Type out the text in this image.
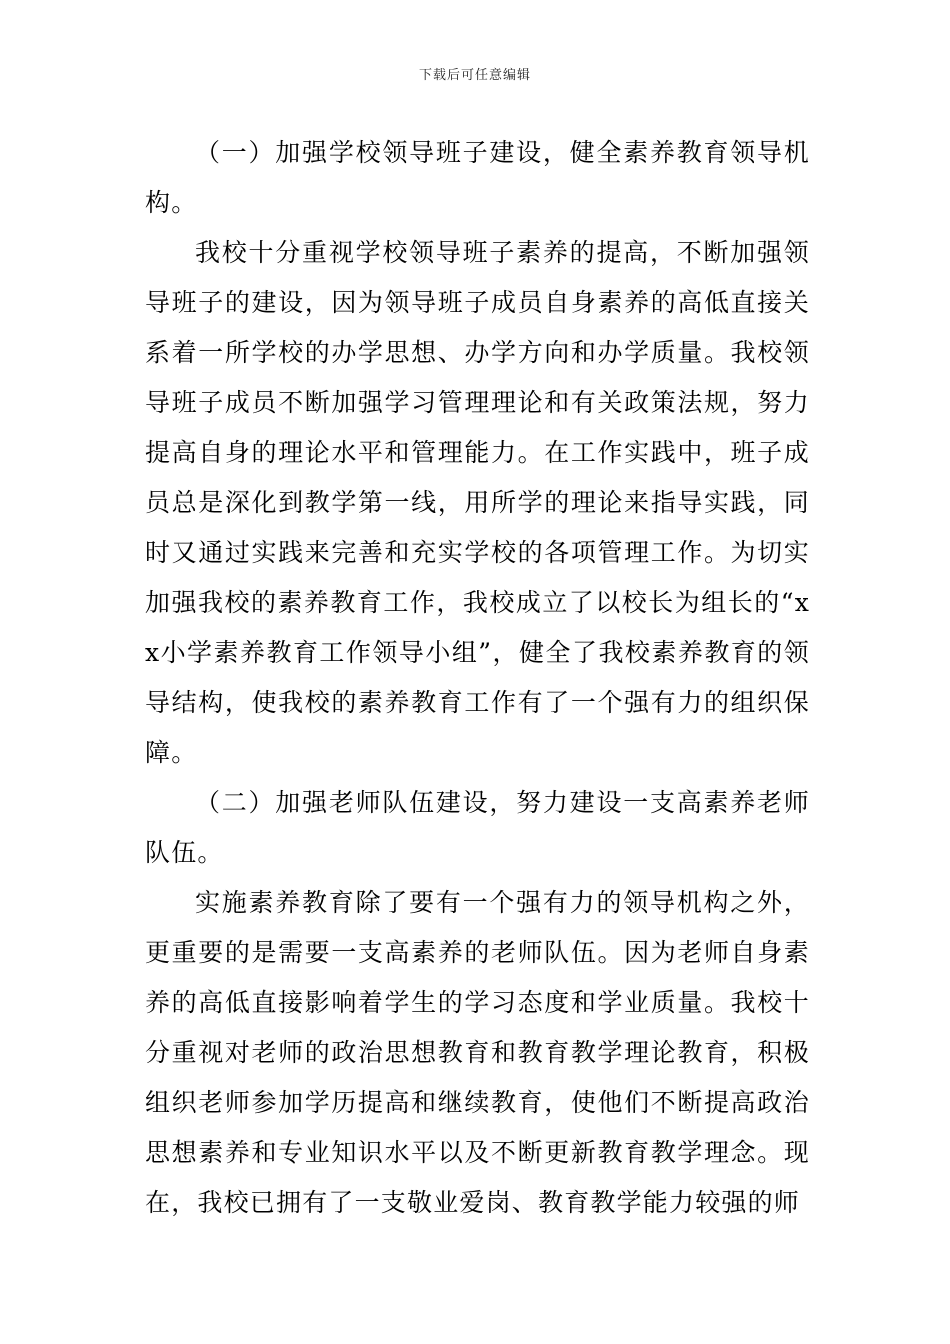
下载后可任意编辑

（一）加强学校领导班子建设，健全素养教育领导机构。

我校十分重视学校领导班子素养的提高，不断加强领导班子的建设，因为领导班子成员自身素养的高低直接关系着一所学校的办学思想、办学方向和办学质量。我校领导班子成员不断加强学习管理理论和有关政策法规，努力提高自身的理论水平和管理能力。在工作实践中，班子成员总是深化到教学第一线，用所学的理论来指导实践，同时又通过实践来完善和充实学校的各项管理工作。为切实加强我校的素养教育工作，我校成立了以校长为组长的“xx小学素养教育工作领导小组”，健全了我校素养教育的领导结构，使我校的素养教育工作有了一个强有力的组织保障。

（二）加强老师队伍建设，努力建设一支高素养老师队伍。

实施素养教育除了要有一个强有力的领导机构之外，更重要的是需要一支高素养的老师队伍。因为老师自身素养的高低直接影响着学生的学习态度和学业质量。我校十分重视对老师的政治思想教育和教育教学理论教育，积极组织老师参加学历提高和继续教育，使他们不断提高政治思想素养和专业知识水平以及不断更新教育教学理念。现在，我校已拥有了一支敬业爱岗、教育教学能力较强的师
